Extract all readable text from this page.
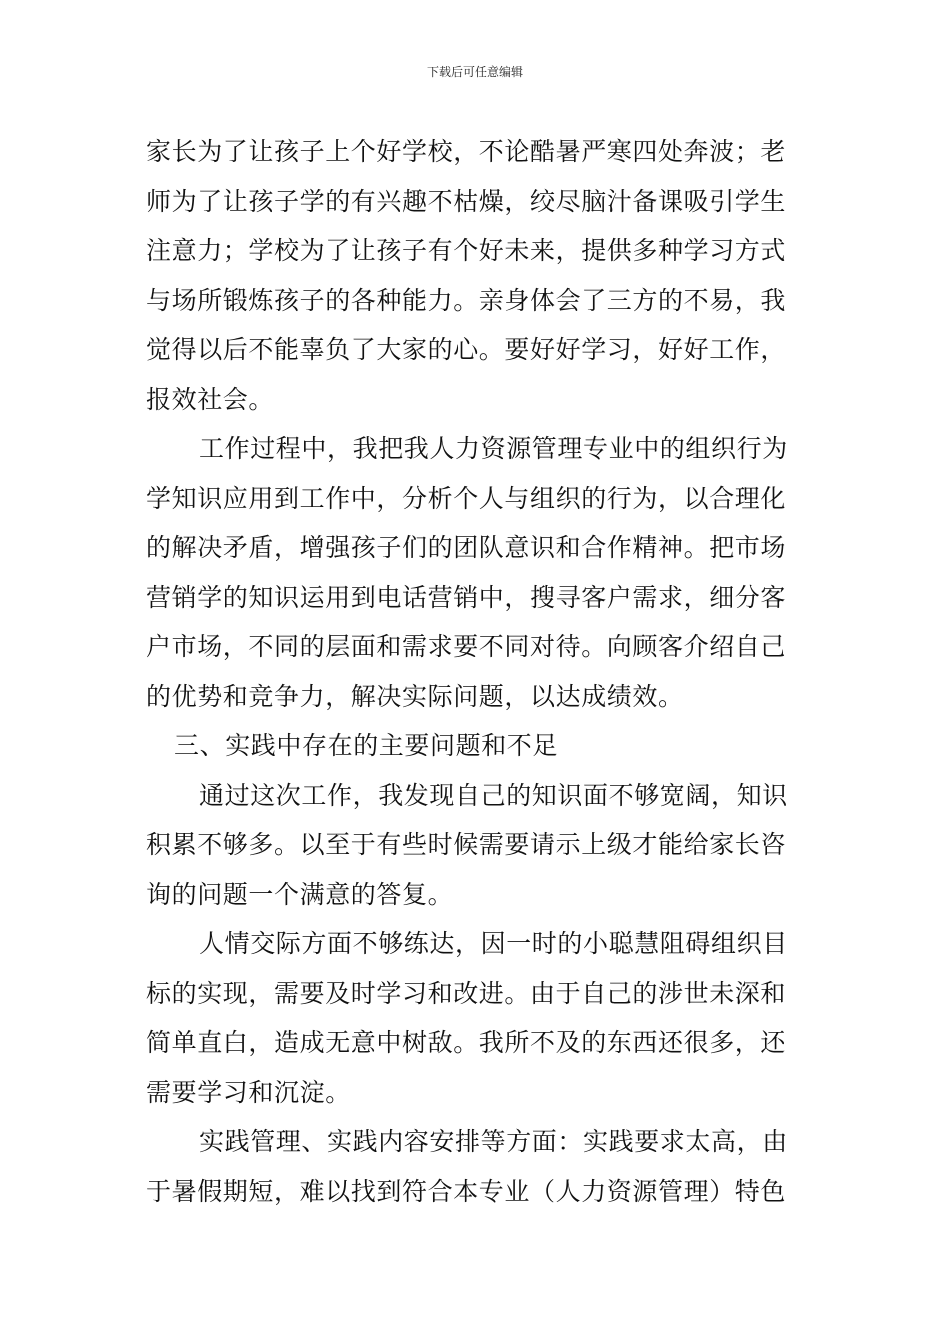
下载后可任意编辑
家长为了让孩子上个好学校，不论酷暑严寒四处奔波；老
师为了让孩子学的有兴趣不枯燥，绞尽脑汁备课吸引学生
注意力；学校为了让孩子有个好未来，提供多种学习方式
与场所锻炼孩子的各种能力。亲身体会了三方的不易，我
觉得以后不能辜负了大家的心。要好好学习，好好工作，
报效社会。
工作过程中，我把我人力资源管理专业中的组织行为
学知识应用到工作中，分析个人与组织的行为，以合理化
的解决矛盾，增强孩子们的团队意识和合作精神。把市场
营销学的知识运用到电话营销中，搜寻客户需求，细分客
户市场，不同的层面和需求要不同对待。向顾客介绍自己
的优势和竞争力，解决实际问题，以达成绩效。
三、实践中存在的主要问题和不足
通过这次工作，我发现自己的知识面不够宽阔，知识
积累不够多。以至于有些时候需要请示上级才能给家长咨
询的问题一个满意的答复。
人情交际方面不够练达，因一时的小聪慧阻碍组织目
标的实现，需要及时学习和改进。由于自己的涉世未深和
简单直白，造成无意中树敌。我所不及的东西还很多，还
需要学习和沉淀。
实践管理、实践内容安排等方面：实践要求太高，由
于暑假期短，难以找到符合本专业（人力资源管理）特色
